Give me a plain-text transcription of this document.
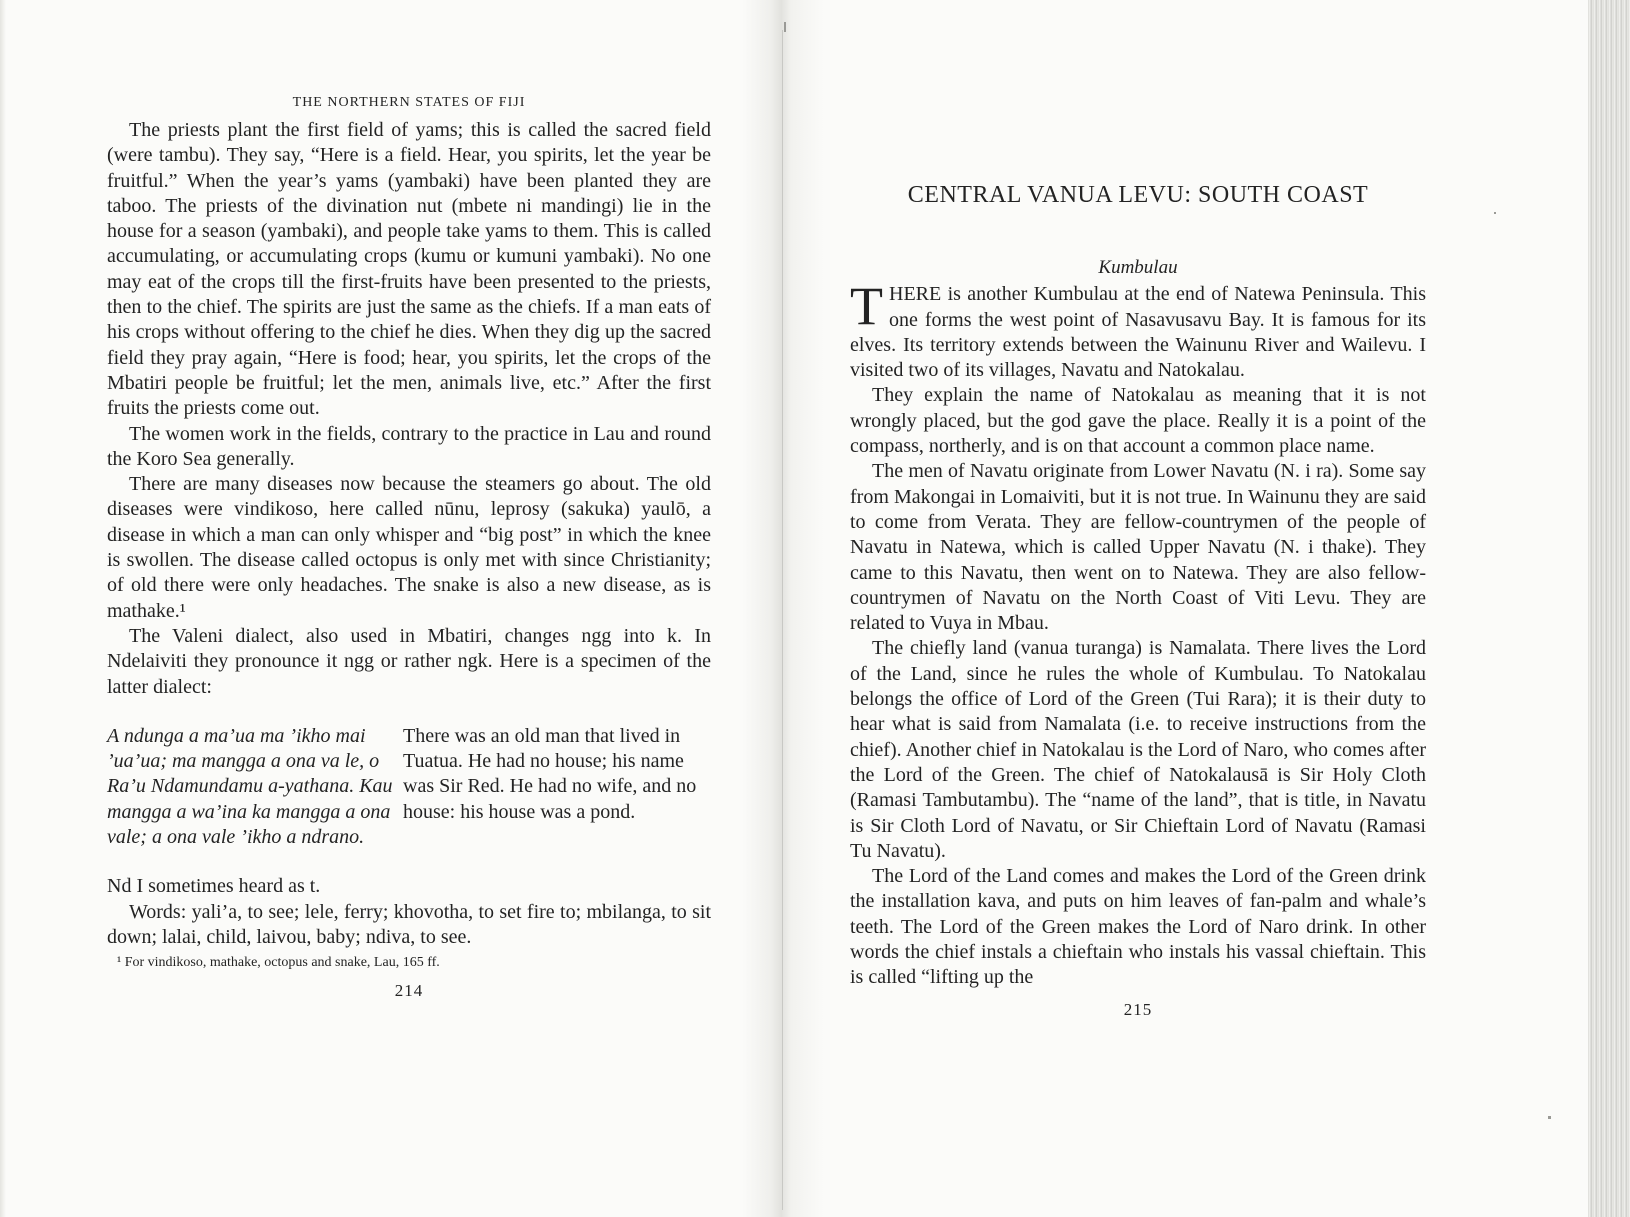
THE NORTHERN STATES OF FIJI

The priests plant the first field of yams; this is called the sacred field (were tambu). They say, “Here is a field. Hear, you spirits, let the year be fruitful.” When the year’s yams (yambaki) have been planted they are taboo. The priests of the divination nut (mbete ni mandingi) lie in the house for a season (yambaki), and people take yams to them. This is called accumulating, or accumulating crops (kumu or kumuni yambaki). No one may eat of the crops till the first-fruits have been presented to the priests, then to the chief. The spirits are just the same as the chiefs. If a man eats of his crops without offering to the chief he dies. When they dig up the sacred field they pray again, “Here is food; hear, you spirits, let the crops of the Mbatiri people be fruitful; let the men, animals live, etc.” After the first fruits the priests come out.

The women work in the fields, contrary to the practice in Lau and round the Koro Sea generally.

There are many diseases now because the steamers go about. The old diseases were vindikoso, here called nūnu, leprosy (sakuka) yaulō, a disease in which a man can only whisper and “big post” in which the knee is swollen. The disease called octopus is only met with since Christianity; of old there were only headaches. The snake is also a new disease, as is mathake.¹

The Valeni dialect, also used in Mbatiri, changes ngg into k. In Ndelaiviti they pronounce it ngg or rather ngk. Here is a specimen of the latter dialect:

A ndunga a ma’ua ma ’ikho mai ’ua’ua; ma mangga a ona va le, o Ra’u Ndamundamu a-yathana. Kau mangga a wa’ina ka mangga a ona vale; a ona vale ’ikho a ndrano.
There was an old man that lived in Tuatua. He had no house; his name was Sir Red. He had no wife, and no house: his house was a pond.

Nd I sometimes heard as t.

Words: yali’a, to see; lele, ferry; khovotha, to set fire to; mbilanga, to sit down; lalai, child, laivou, baby; ndiva, to see.

¹ For vindikoso, mathake, octopus and snake, Lau, 165 ff.
214
CENTRAL VANUA LEVU: SOUTH COAST
Kumbulau

THERE is another Kumbulau at the end of Natewa Peninsula. This one forms the west point of Nasavusavu Bay. It is famous for its elves. Its territory extends between the Wainunu River and Wailevu. I visited two of its villages, Navatu and Natokalau.

They explain the name of Natokalau as meaning that it is not wrongly placed, but the god gave the place. Really it is a point of the compass, northerly, and is on that account a common place name.

The men of Navatu originate from Lower Navatu (N. i ra). Some say from Makongai in Lomaiviti, but it is not true. In Wainunu they are said to come from Verata. They are fellow-countrymen of the people of Navatu in Natewa, which is called Upper Navatu (N. i thake). They came to this Navatu, then went on to Natewa. They are also fellow-countrymen of Navatu on the North Coast of Viti Levu. They are related to Vuya in Mbau.

The chiefly land (vanua turanga) is Namalata. There lives the Lord of the Land, since he rules the whole of Kumbulau. To Natokalau belongs the office of Lord of the Green (Tui Rara); it is their duty to hear what is said from Namalata (i.e. to receive instructions from the chief). Another chief in Natokalau is the Lord of Naro, who comes after the Lord of the Green. The chief of Natokalausā is Sir Holy Cloth (Ramasi Tambutambu). The “name of the land”, that is title, in Navatu is Sir Cloth Lord of Navatu, or Sir Chieftain Lord of Navatu (Ramasi Tu Navatu).

The Lord of the Land comes and makes the Lord of the Green drink the installation kava, and puts on him leaves of fan-palm and whale’s teeth. The Lord of the Green makes the Lord of Naro drink. In other words the chief instals a chieftain who instals his vassal chieftain. This is called “lifting up the

215
